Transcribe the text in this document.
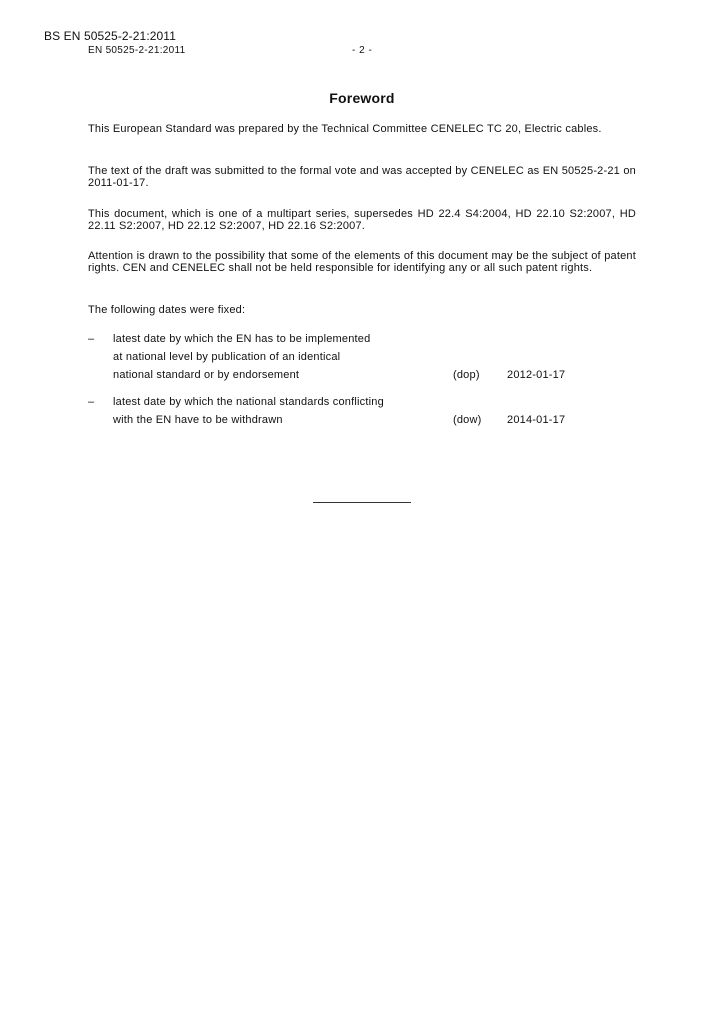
BS EN 50525-2-21:2011
EN 50525-2-21:2011	- 2 -
Foreword

This European Standard was prepared by the Technical Committee CENELEC TC 20, Electric cables.

The text of the draft was submitted to the formal vote and was accepted by CENELEC as EN 50525-2-21 on 2011-01-17.

This document, which is one of a multipart series, supersedes HD 22.4 S4:2004, HD 22.10 S2:2007, HD 22.11 S2:2007, HD 22.12 S2:2007, HD 22.16 S2:2007.

Attention is drawn to the possibility that some of the elements of this document may be the subject of patent rights. CEN and CENELEC shall not be held responsible for identifying any or all such patent rights.

The following dates were fixed:

– latest date by which the EN has to be implemented
at national level by publication of an identical
national standard or by endorsement	(dop) 2012-01-17
– latest date by which the national standards conflicting
with the EN have to be withdrawn	(dow) 2014-01-17
